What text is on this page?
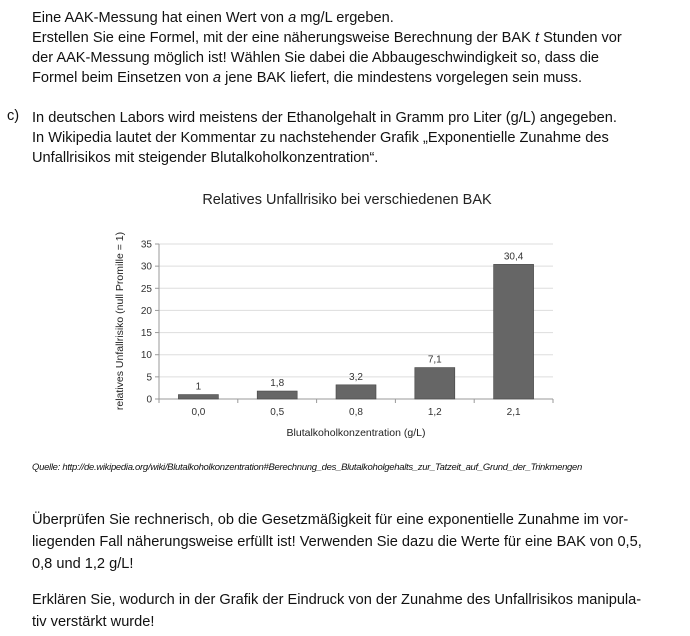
Eine AAK-Messung hat einen Wert von a mg/L ergeben.
Erstellen Sie eine Formel, mit der eine näherungsweise Berechnung der BAK t Stunden vor
der AAK-Messung möglich ist! Wählen Sie dabei die Abbaugeschwindigkeit so, dass die
Formel beim Einsetzen von a jene BAK liefert, die mindestens vorgelegen sein muss.
c) In deutschen Labors wird meistens der Ethanolgehalt in Gramm pro Liter (g/L) angegeben.
In Wikipedia lautet der Kommentar zu nachstehender Grafik „Exponentielle Zunahme des
Unfallrisikos mit steigender Blutalkoholkonzentration“.
Relatives Unfallrisiko bei verschiedenen BAK
0
5
10
15
20
25
30
35
1
0,0
1,8
0,5
3,2
0,8
7,1
1,2
30,4
2,1
relatives Unfallrisiko (null Promille = 1)
Blutalkoholkonzentration (g/L)
Quelle: http://de.wikipedia.org/wiki/Blutalkoholkonzentration#Berechnung_des_Blutalkoholgehalts_zur_Tatzeit_auf_Grund_der_Trinkmengen
Überprüfen Sie rechnerisch, ob die Gesetzmäßigkeit für eine exponentielle Zunahme im vor-
liegenden Fall näherungsweise erfüllt ist! Verwenden Sie dazu die Werte für eine BAK von 0,5,
0,8 und 1,2 g/L!
Erklären Sie, wodurch in der Grafik der Eindruck von der Zunahme des Unfallrisikos manipula-
tiv verstärkt wurde!
